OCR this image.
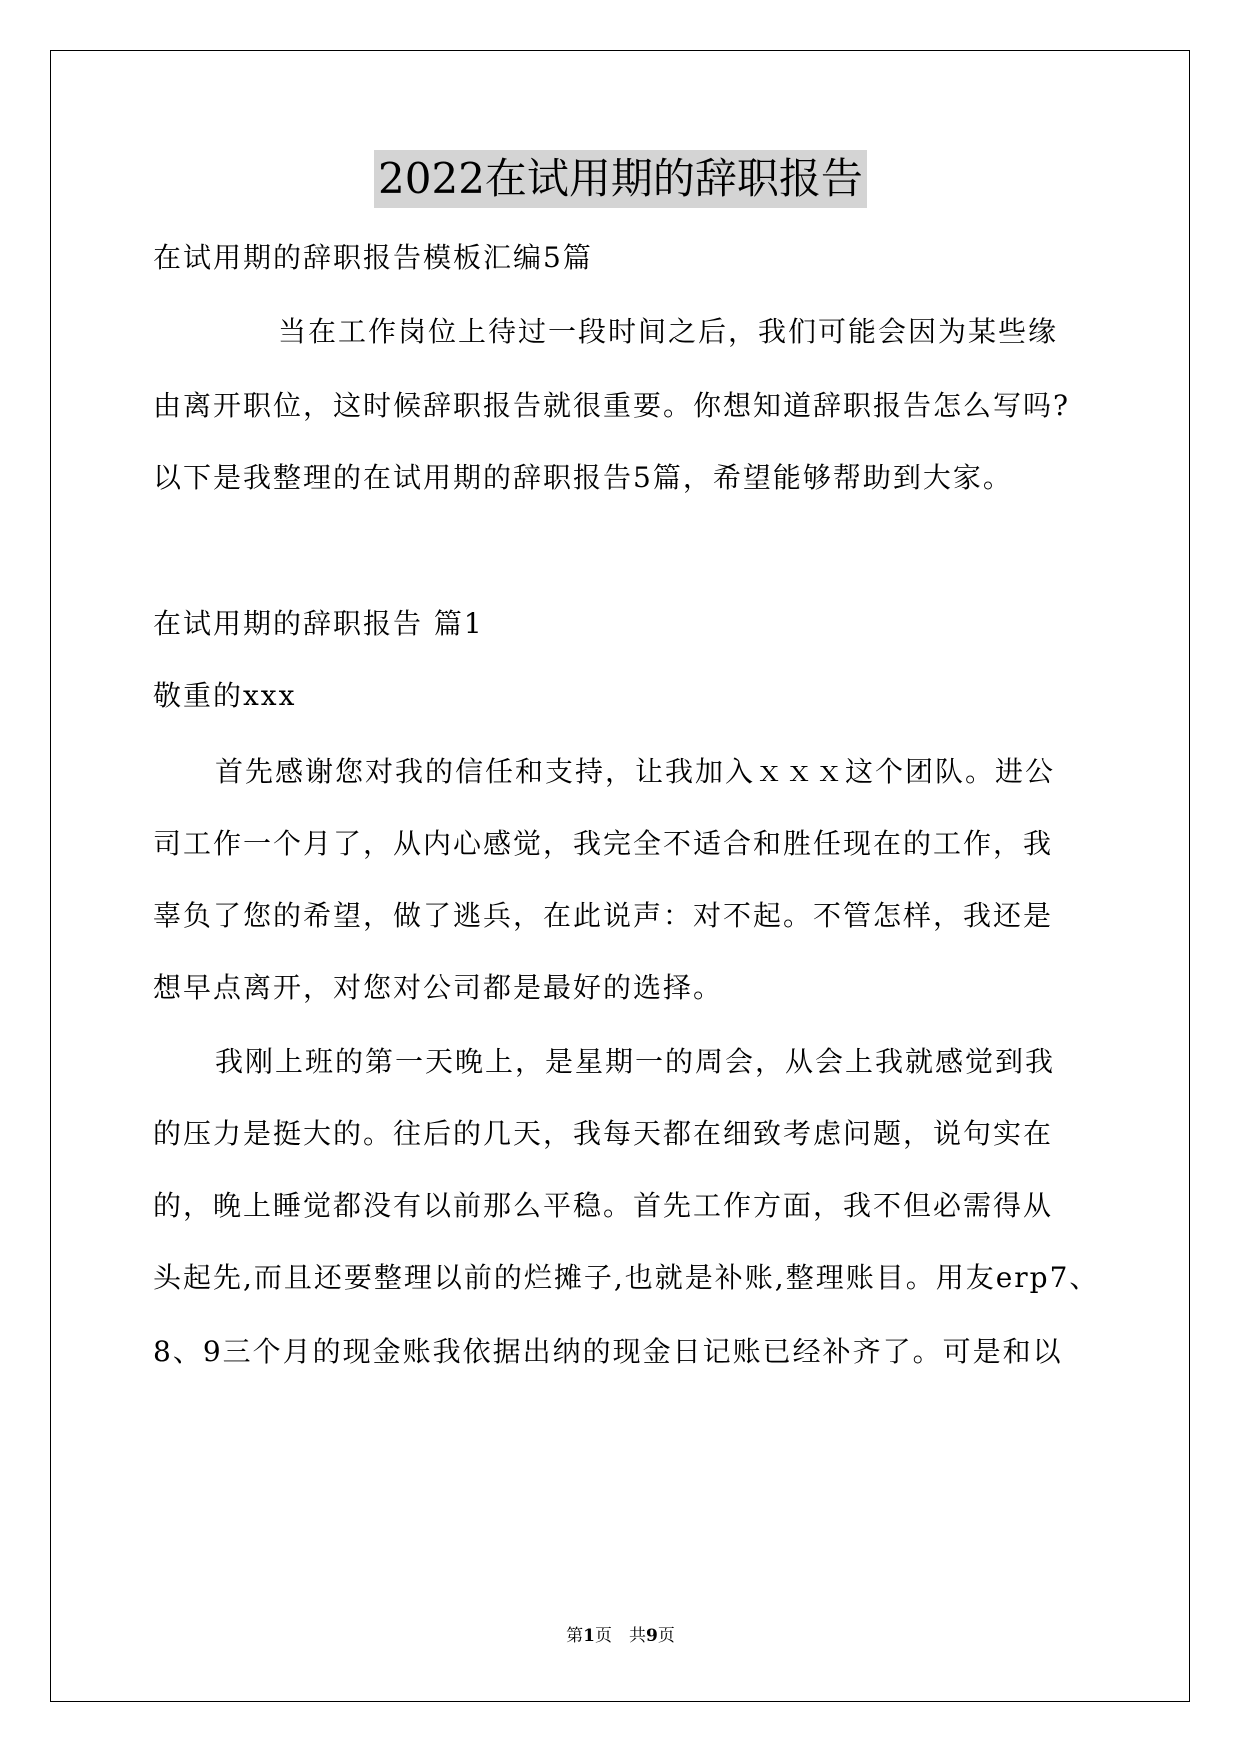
2022在试用期的辞职报告
在试用期的辞职报告模板汇编5篇
当在工作岗位上待过一段时间之后，我们可能会因为某些缘
由离开职位，这时候辞职报告就很重要。你想知道辞职报告怎么写吗?
以下是我整理的在试用期的辞职报告5篇，希望能够帮助到大家。
在试用期的辞职报告 篇1
敬重的xxx
首先感谢您对我的信任和支持，让我加入ｘｘｘ这个团队。进公
司工作一个月了，从内心感觉，我完全不适合和胜任现在的工作，我
辜负了您的希望，做了逃兵，在此说声：对不起。不管怎样，我还是
想早点离开，对您对公司都是最好的选择。
我刚上班的第一天晚上，是星期一的周会，从会上我就感觉到我
的压力是挺大的。往后的几天，我每天都在细致考虑问题，说句实在
的，晚上睡觉都没有以前那么平稳。首先工作方面，我不但必需得从
头起先,而且还要整理以前的烂摊子,也就是补账,整理账目。用友erp7、
8、9三个月的现金账我依据出纳的现金日记账已经补齐了。可是和以
第1页　共9页
